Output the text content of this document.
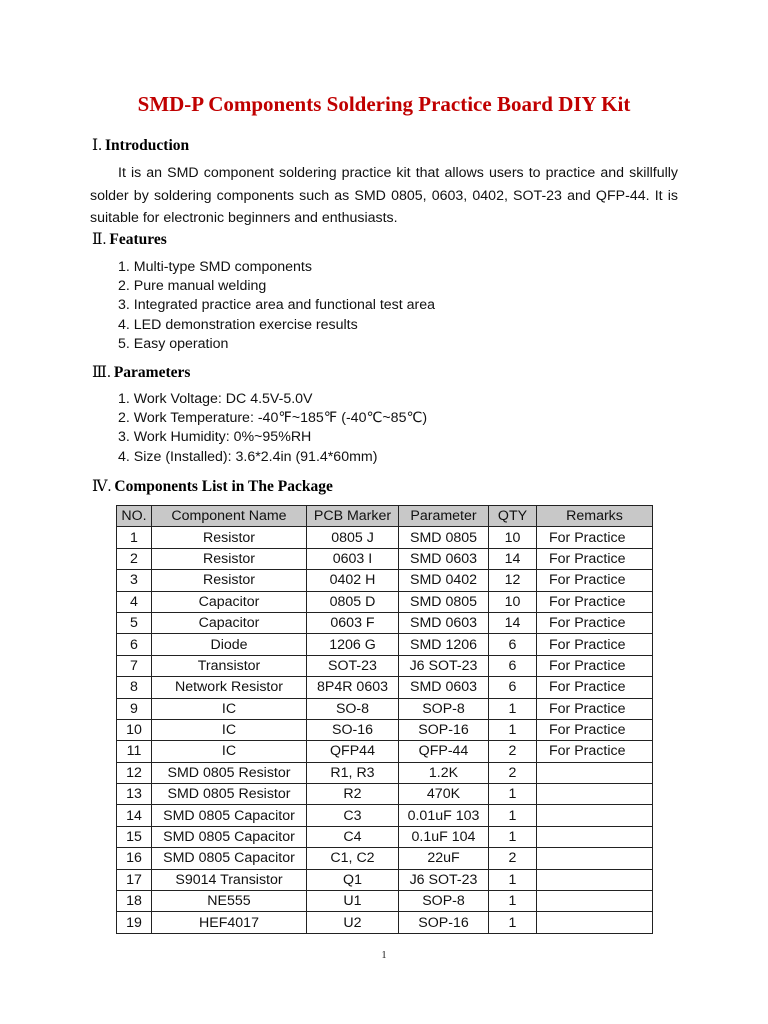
SMD-P Components Soldering Practice Board DIY Kit
Ⅰ. Introduction
It is an SMD component soldering practice kit that allows users to practice and skillfully solder by soldering components such as SMD 0805, 0603, 0402, SOT-23 and QFP-44. It is suitable for electronic beginners and enthusiasts.
Ⅱ. Features
1. Multi-type SMD components
2. Pure manual welding
3. Integrated practice area and functional test area
4. LED demonstration exercise results
5. Easy operation
Ⅲ. Parameters
1. Work Voltage: DC 4.5V-5.0V
2. Work Temperature: -40℉~185℉ (-40℃~85℃)
3. Work Humidity: 0%~95%RH
4. Size (Installed): 3.6*2.4in (91.4*60mm)
Ⅳ. Components List in The Package
NO.	Component Name	PCB Marker	Parameter	QTY	Remarks
1	Resistor	0805 J	SMD 0805	10	For Practice
2	Resistor	0603 I	SMD 0603	14	For Practice
3	Resistor	0402 H	SMD 0402	12	For Practice
4	Capacitor	0805 D	SMD 0805	10	For Practice
5	Capacitor	0603 F	SMD 0603	14	For Practice
6	Diode	1206 G	SMD 1206	6	For Practice
7	Transistor	SOT-23	J6 SOT-23	6	For Practice
8	Network Resistor	8P4R 0603	SMD 0603	6	For Practice
9	IC	SO-8	SOP-8	1	For Practice
10	IC	SO-16	SOP-16	1	For Practice
11	IC	QFP44	QFP-44	2	For Practice
12	SMD 0805 Resistor	R1, R3	1.2K	2	
13	SMD 0805 Resistor	R2	470K	1	
14	SMD 0805 Capacitor	C3	0.01uF 103	1	
15	SMD 0805 Capacitor	C4	0.1uF 104	1	
16	SMD 0805 Capacitor	C1, C2	22uF	2	
17	S9014 Transistor	Q1	J6 SOT-23	1	
18	NE555	U1	SOP-8	1	
19	HEF4017	U2	SOP-16	1	
1
